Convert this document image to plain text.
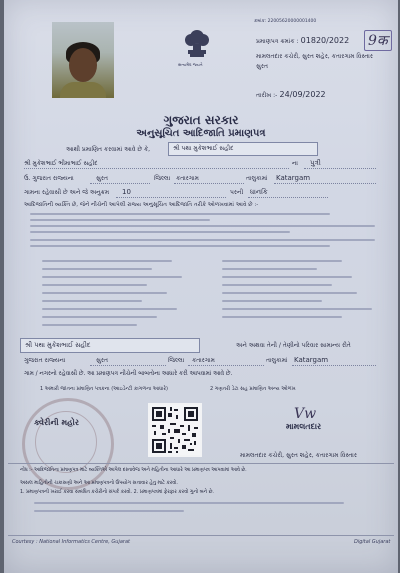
સત્યમેવ જયતે
ક્રમાંક: 22005620000001400
પ્રમાણપત્ર ક્રમાંક : 01820/2022 9क
મામલતદાર કચેરી, સુરત શહેર, કતારગામ વિસ્તાર
સુરત
તારીખ :- 24/09/2022
ગુજરાત સરકાર
અનુસૂચિત આદિજાતિ પ્રમાણપત્ર
આથી પ્રમાણિત કરવામાં આવે છે કે,	શ્રી પથા મુકેશભાઈ સહીદ
શ્રી મુકેશભાઈ ભીમાભાઈ સહીદ	ના પુત્રી
ઉ. ગુજરાત રાજ્યના	સુરત	જિલ્લા કતારગામ	તાલુકામાં Katargam
ગામના રહેવાસી છે અને જે અનુક્રમ 10	પરની ધાનકિ
આદિજાતિની વ્યક્તિ છે, જેને નીચેની આપેલી રાજ્ય અનુસૂચિત આદિજાતિ તરીકે ઓળખવામાં આવે છે :-
શ્રી પથા મુકેશભાઈ સહીદ	અને અથવા તેની / તેણીનો પરિવાર સામાન્ય રીતે
ગુજરાત રાજ્યના	સુરત	જિલ્લા કતારગામ	તાલુકામાં Katargam
ગામ / નગરનો રહેવાસી છે. આ પ્રમાણપત્ર નીચેની બાબતોના આધારે કરી આપવામાં આવે છે.
1 અમારી જાતના પ્રમાણિત પત્રકના (આઇડેન્ટી કાગળના આધારે)	2 ગણતરી ડેટા સહ પ્રમાણિત અન્ય ઓળખ
ક્વેરીની મહોર
Vw
મામલતદાર
મામલતદાર કચેરી, સુરત શહેર, કતારગામ વિસ્તાર
નોંધ :- આદિજાતિના પ્રમાણપત્ર માટે વ્યક્તિએ આપેલ દસ્તાવેજ અને મહિતીના આધારે આ પ્રમાણપત્ર આપવામાં આવે છે.
અસલ માહિતીની ચકાસણી અને આ પ્રમાણપત્રનો ઉપયોગ સત્તાવાર હેતુ માટે કરવો.
1. પ્રમાણપત્રની ખરાઈ કરવા સંબંધિત કચેરીનો સંપર્ક કરવો. 2. પ્રમાણપત્રમાં ફેરફાર કરવો ગુનો બને છે.
Courtesy : National Informatics Centre, Gujarat	Digital Gujarat
